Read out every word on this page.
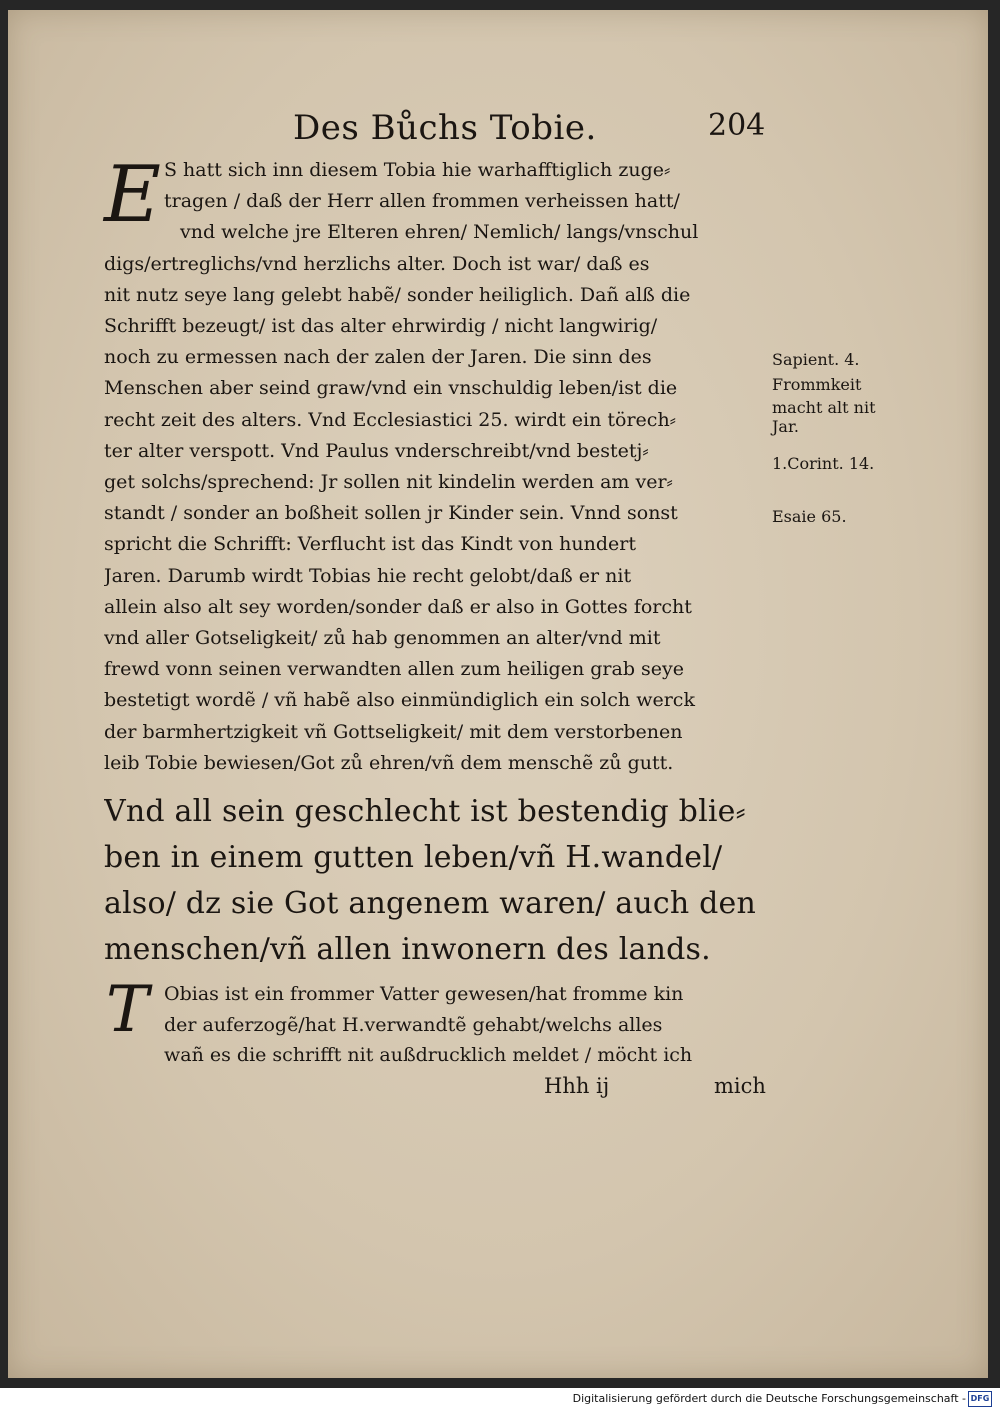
Des Bůchs Tobie.	204
E S hatt sich inn diesem Tobia hie warhafftiglich zuge⸗
tragen / daß der Herr allen frommen verheissen hatt/
vnd welche jre Elteren ehren/ Nemlich/ langs/vnschul
digs/ertreglichs/vnd herzlichs alter. Doch ist war/ daß es
nit nutz seye lang gelebt habẽ/ sonder heiliglich. Dañ alß die
Schrifft bezeugt/ ist das alter ehrwirdig / nicht langwirig/
noch zu ermessen nach der zalen der Jaren. Die sinn des
Menschen aber seind graw/vnd ein vnschuldig leben/ist die
recht zeit des alters. Vnd Ecclesiastici 25. wirdt ein törech⸗
ter alter verspott. Vnd Paulus vnderschreibt/vnd bestetj⸗
get solchs/sprechend: Jr sollen nit kindelin werden am ver⸗
standt / sonder an boßheit sollen jr Kinder sein. Vnnd sonst
spricht die Schrifft: Verflucht ist das Kindt von hundert
Jaren. Darumb wirdt Tobias hie recht gelobt/daß er nit
allein also alt sey worden/sonder daß er also in Gottes forcht
vnd aller Gotseligkeit/ zů hab genommen an alter/vnd mit
frewd vonn seinen verwandten allen zum heiligen grab seye
bestetigt wordẽ / vñ habẽ also einmündiglich ein solch werck
der barmhertzigkeit vñ Gottseligkeit/ mit dem verstorbenen
leib Tobie bewiesen/Got zů ehren/vñ dem menschẽ zů gutt.
Vnd all sein geschlecht ist bestendig blie⸗
ben in einem gutten leben/vñ H.wandel/
also/ dz sie Got angenem waren/ auch den
menschen/vñ allen inwonern des lands.
T Obias ist ein frommer Vatter gewesen/hat fromme kin
der auferzogẽ/hat H.verwandtẽ gehabt/welchs alles
wañ es die schrifft nit außdrucklich meldet / möcht ich
Hhh ij	mich
Sapient. 4.
Frommkeit
macht alt nit
Jar.
1.Corint. 14.
Esaie 65.
Digitalisierung gefördert durch die Deutsche Forschungsgemeinschaft - DFG
